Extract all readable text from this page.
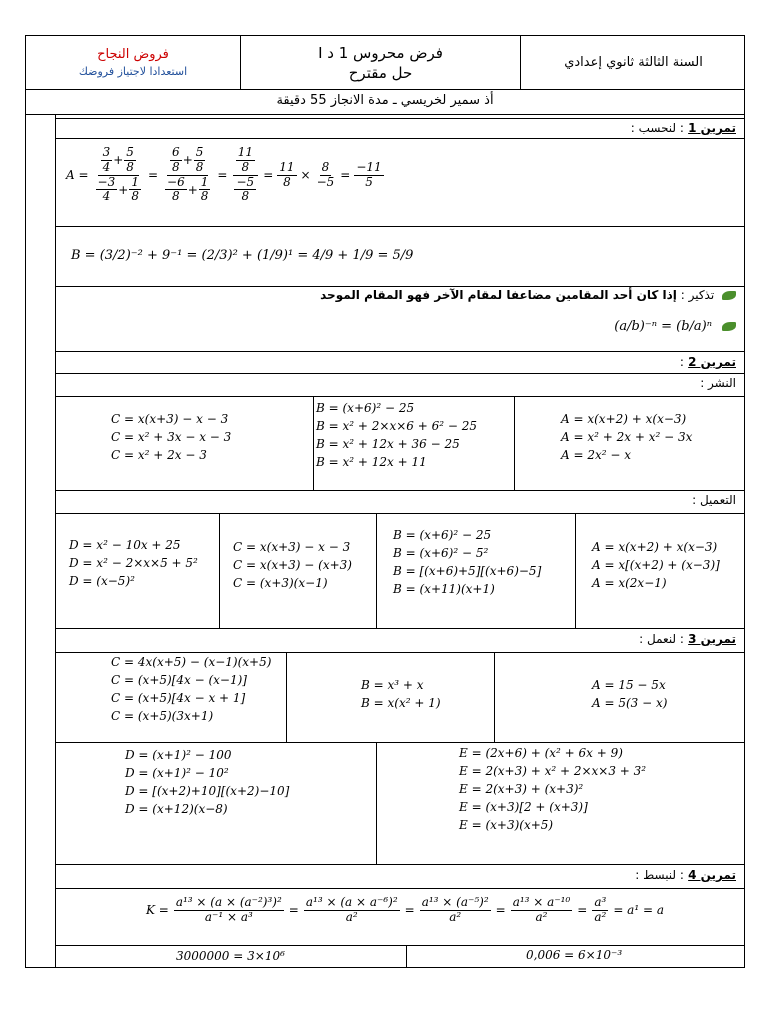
فروض النجاح
استعدادا لاجتياز فروضك
فرض محروس 1 د I
حل مقترح
السنة الثالثة ثانوي إعدادي
أذ سمير لخريسي ـ مدة الانجاز 55 دقيقة
تمرين 1 : لنحسب :
$A = \frac{\frac{3}{4} + \frac{5}{8}}{\frac{-3}{4} + \frac{1}{8}} = \frac{\frac{6}{8} + \frac{5}{8}}{\frac{-6}{8} + \frac{1}{8}} = \frac{\frac{11}{8}}{\frac{-5}{8}} = \frac{11}{8} \times \frac{8}{-5} = \frac{-11}{5}$
B = (3/2)⁻² + 9⁻¹ = (2/3)² + (1/9)¹ = 4/9 + 1/9 = 5/9
تذكير : إذا كان أحد المقامين مضاعفا لمقام الآخر فهو المقام الموحد
(a/b)⁻ⁿ = (b/a)ⁿ
تمرين 2 :
النشر :
C = x(x+3) − x − 3
C = x² + 3x − x − 3
C = x² + 2x − 3
B = (x+6)² − 25
B = x² + 2×x×6 + 6² − 25
B = x² + 12x + 36 − 25
B = x² + 12x + 11
A = x(x+2) + x(x−3)
A = x² + 2x + x² − 3x
A = 2x² − x
التعميل :
D = x² − 10x + 25
D = x² − 2×x×5 + 5²
D = (x−5)²
C = x(x+3) − x − 3
C = x(x+3) − (x+3)
C = (x+3)(x−1)
B = (x+6)² − 25
B = (x+6)² − 5²
B = [(x+6)+5][(x+6)−5]
B = (x+11)(x+1)
A = x(x+2) + x(x−3)
A = x[(x+2) + (x−3)]
A = x(2x−1)
تمرين 3 : لنعمل :
C = 4x(x+5) − (x−1)(x+5)
C = (x+5)[4x − (x−1)]
C = (x+5)[4x − x + 1]
C = (x+5)(3x+1)
B = x³ + x
B = x(x² + 1)
A = 15 − 5x
A = 5(3 − x)
D = (x+1)² − 100
D = (x+1)² − 10²
D = [(x+2)+10][(x+2)−10]
D = (x+12)(x−8)
E = (2x+6) + (x² + 6x + 9)
E = 2(x+3) + x² + 2×x×3 + 3²
E = 2(x+3) + (x+3)²
E = (x+3)[2 + (x+3)]
E = (x+3)(x+5)
تمرين 4 : لنبسط :
$K = \frac{\text{a¹³ × (a × (a⁻²)³)²}}{\text{a⁻¹ × a³}} = \frac{\text{a¹³ × (a × a⁻⁶)²}}{\text{a²}} = \frac{\text{a¹³ × (a⁻⁵)²}}{\text{a²}} = \frac{\text{a¹³ × a⁻¹⁰}}{\text{a²}} = \frac{\text{a³}}{\text{a²}} = a^1 = a$
3000000 = 3×10⁶	0,006 = 6×10⁻³
